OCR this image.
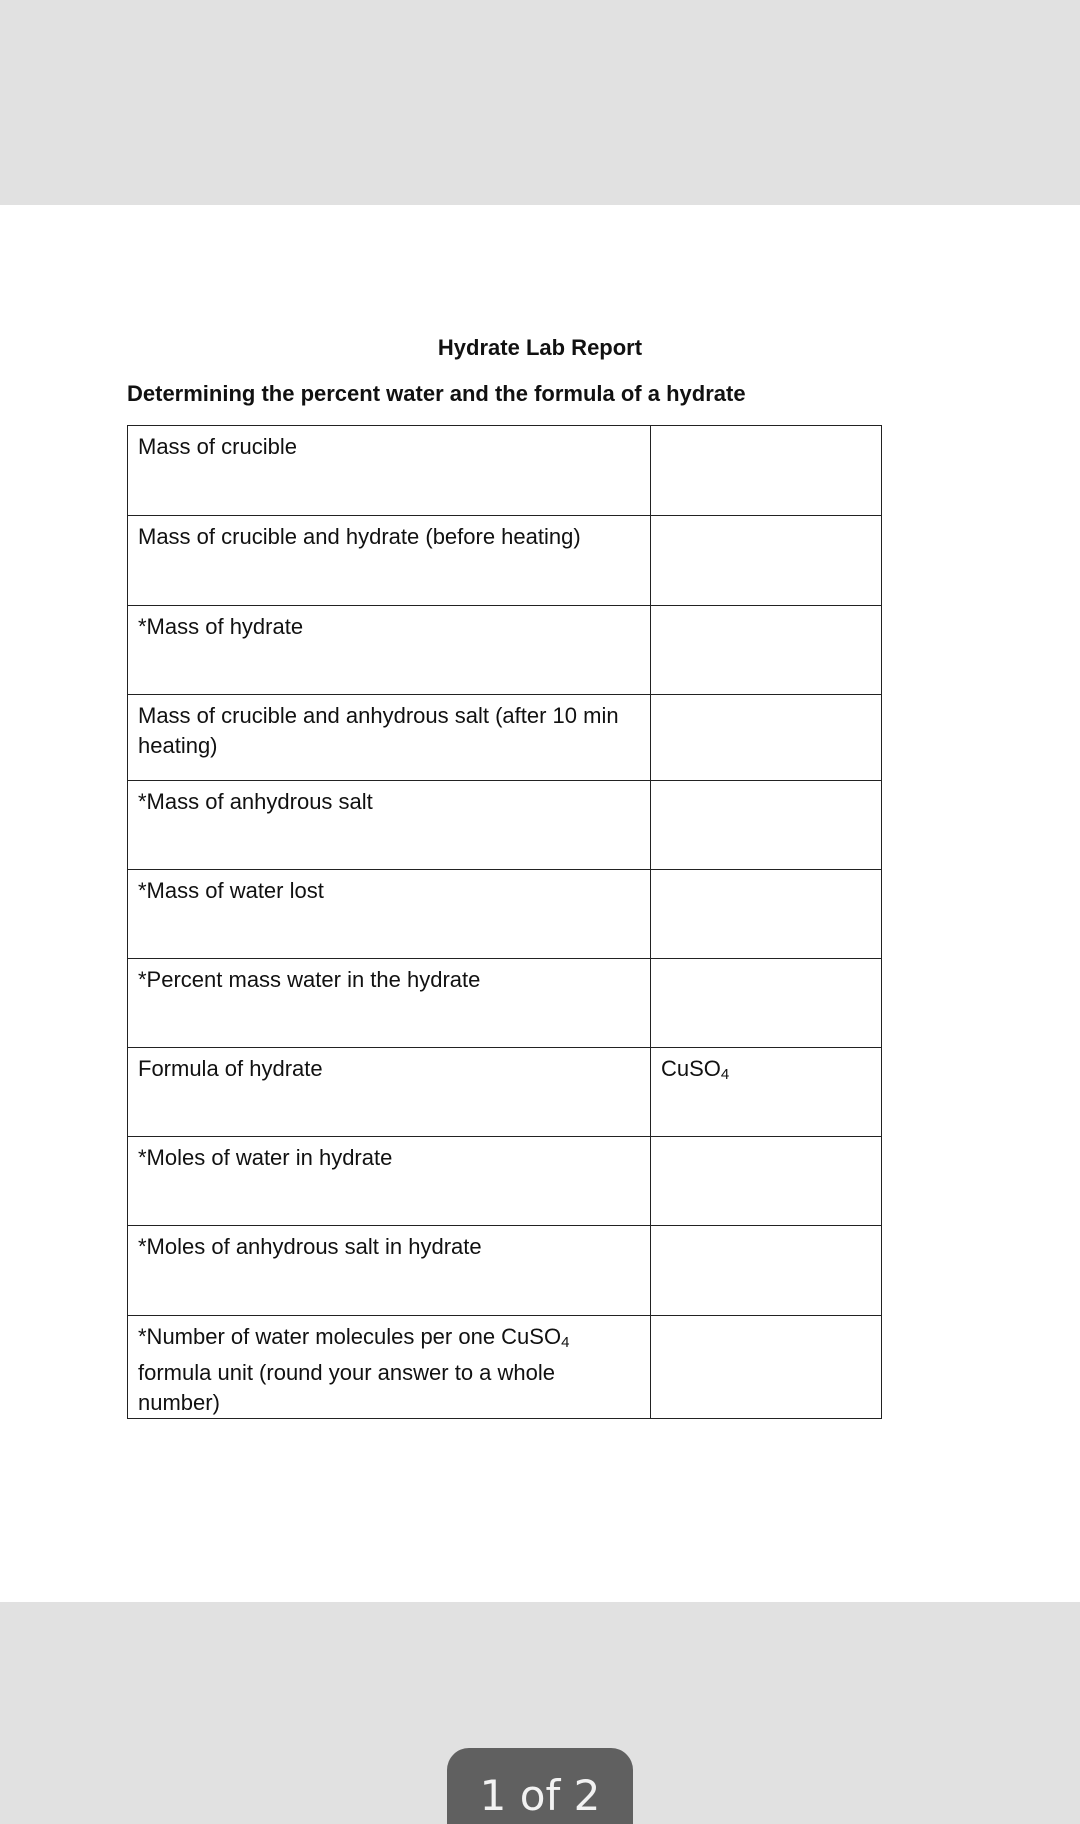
Hydrate Lab Report
Determining the percent water and the formula of a hydrate
Mass of crucible	
Mass of crucible and hydrate (before heating)	
*Mass of hydrate	
Mass of crucible and anhydrous salt (after 10 min heating)	
*Mass of anhydrous salt	
*Mass of water lost	
*Percent mass water in the hydrate	
Formula of hydrate	CuSO$_4$
*Moles of water in hydrate	
*Moles of anhydrous salt in hydrate	
*Number of water molecules per one CuSO$_4$ formula unit (round your answer to a whole number)	
1 of 2
